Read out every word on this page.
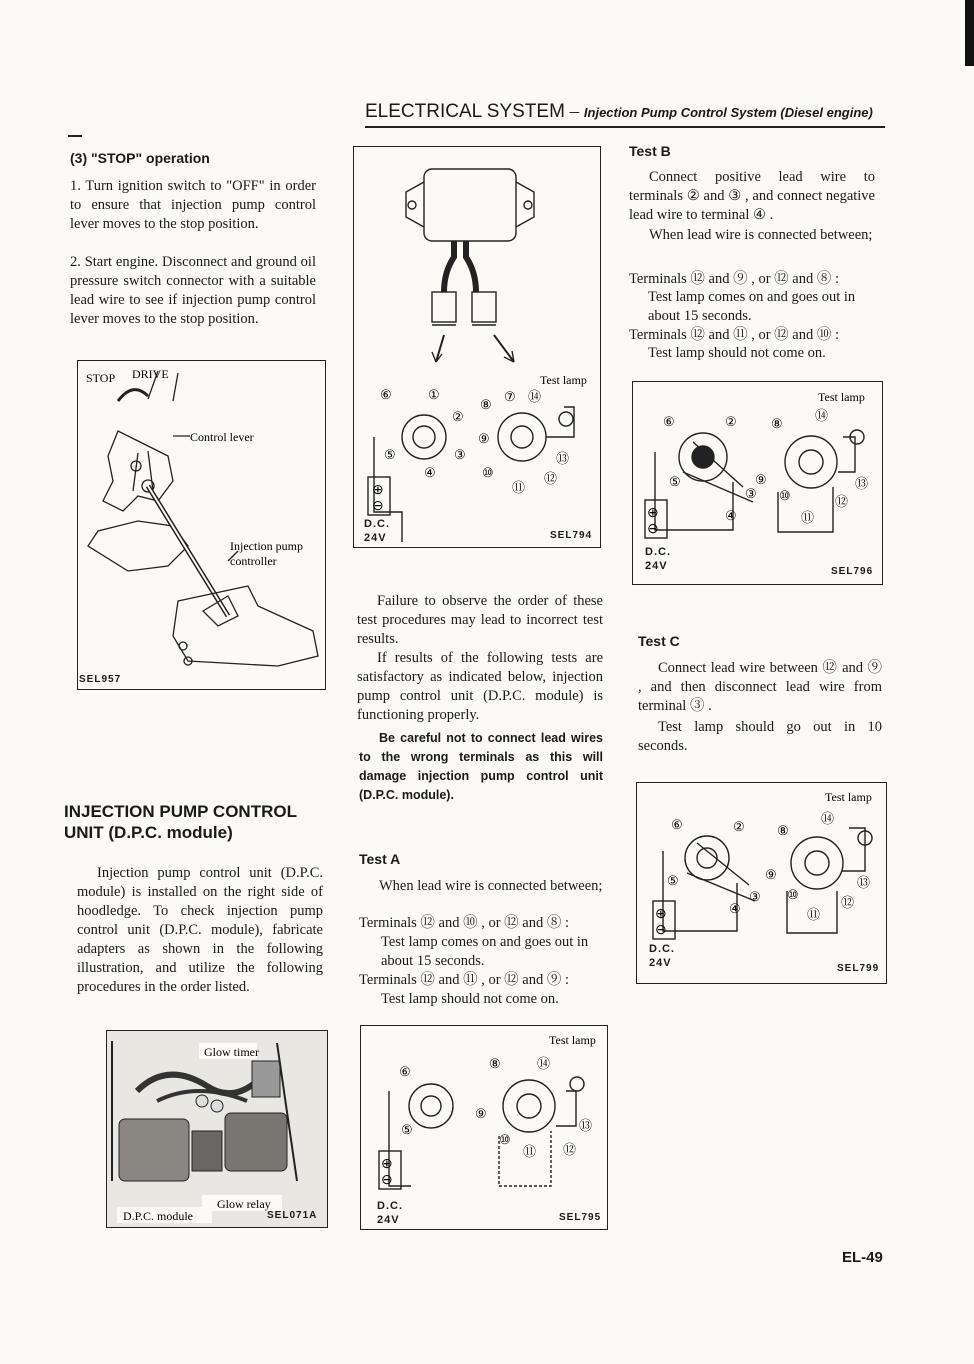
ELECTRICAL SYSTEM – Injection Pump Control System (Diesel engine)
(3) "STOP" operation
1. Turn ignition switch to "OFF" in order to ensure that injection pump control lever moves to the stop position.
2. Start engine. Disconnect and ground oil pressure switch connector with a suitable lead wire to see if injection pump control lever moves to the stop position.
STOP DRIVE
Control lever
Injection pump
controller
SEL957
INJECTION PUMP CONTROL UNIT (D.P.C. module)
Injection pump control unit (D.P.C. module) is installed on the right side of hoodledge. To check injection pump control unit (D.P.C. module), fabricate adapters as shown in the following illustration, and utilize the following procedures in the order listed.
Glow timer
Glow relay
D.P.C. module	SEL071A
⑥	①
②
③
⑤
④
⑧
⑦ ⑭
⑨
⑩
⑪
⑫
⑬
⊕
⊖
Test lamp
D.C.
24V	SEL794
Failure to observe the order of these test procedures may lead to incorrect test results.
If results of the following tests are satisfactory as indicated below, injection pump control unit (D.P.C. module) is functioning properly.
Be careful not to connect lead wires to the wrong terminals as this will damage injection pump control unit (D.P.C. module).
Test A
When lead wire is connected between;
Terminals ⑫ and ⑩ , or ⑫ and ⑧ :
Test lamp comes on and goes out in about 15 seconds.
Terminals ⑫ and ⑪ , or ⑫ and ⑨ :
Test lamp should not come on.
⑥
⑤
⑧	⑭
⑨
⑩
⑪ ⑫
⑬
⊕
⊖
Test lamp
D.C.
24V	SEL795
Test B
Connect positive lead wire to terminals ② and ③ , and connect negative lead wire to terminal ④ .
When lead wire is connected between;
Terminals ⑫ and ⑨ , or ⑫ and ⑧ :
Test lamp comes on and goes out in about 15 seconds.
Terminals ⑫ and ⑪ , or ⑫ and ⑩ :
Test lamp should not come on.
⑥	②	⑧
⑭
⑤
③
④
⑨
⑩
⑪
⑫
⑬
⊕
⊖
Test lamp
D.C.
24V	SEL796
Test C
Connect lead wire between ⑫ and ⑨ , and then disconnect lead wire from terminal ③ .
Test lamp should go out in 10 seconds.
⑥	② ⑧
⑭
⑤
③
④
⑨
⑩
⑪
⑫
⑬
⊕
⊖
Test lamp
D.C.
24V	SEL799
EL-49
